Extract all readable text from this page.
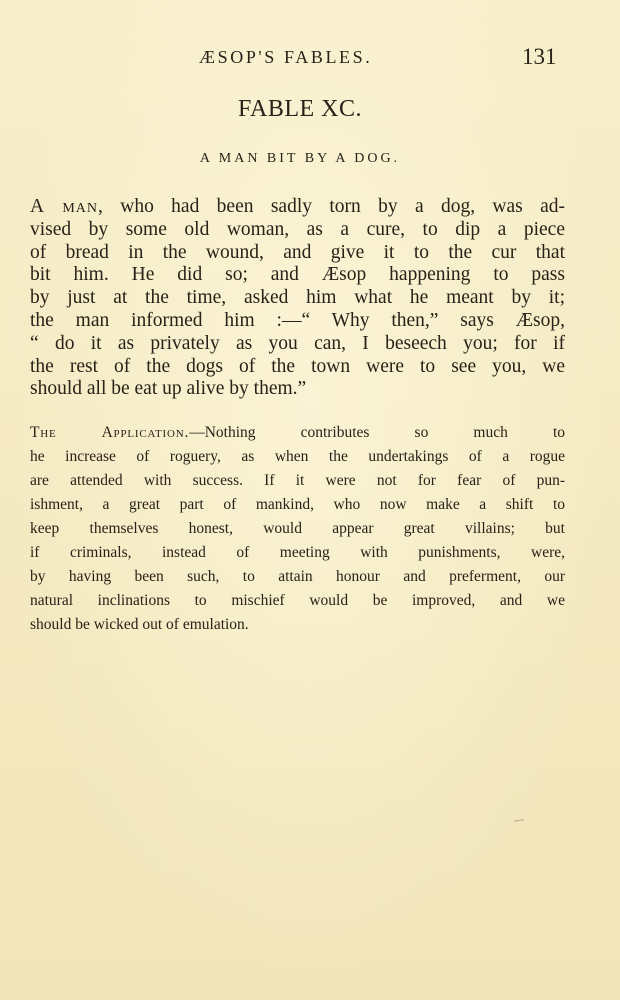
ÆSOP'S FABLES.	131
FABLE XC.
A MAN BIT BY A DOG.
A man, who had been sadly torn by a dog, was ad-
vised by some old woman, as a cure, to dip a piece
of bread in the wound, and give it to the cur that
bit him. He did so; and Æsop happening to pass
by just at the time, asked him what he meant by it;
the man informed him :—“ Why then,” says Æsop,
“ do it as privately as you can, I beseech you; for if
the rest of the dogs of the town were to see you, we
should all be eat up alive by them.”
The Application.—Nothing contributes so much to
he increase of roguery, as when the undertakings of a rogue
are attended with success. If it were not for fear of pun-
ishment, a great part of mankind, who now make a shift to
keep themselves honest, would appear great villains; but
if criminals, instead of meeting with punishments, were,
by having been such, to attain honour and preferment, our
natural inclinations to mischief would be improved, and we
should be wicked out of emulation.
